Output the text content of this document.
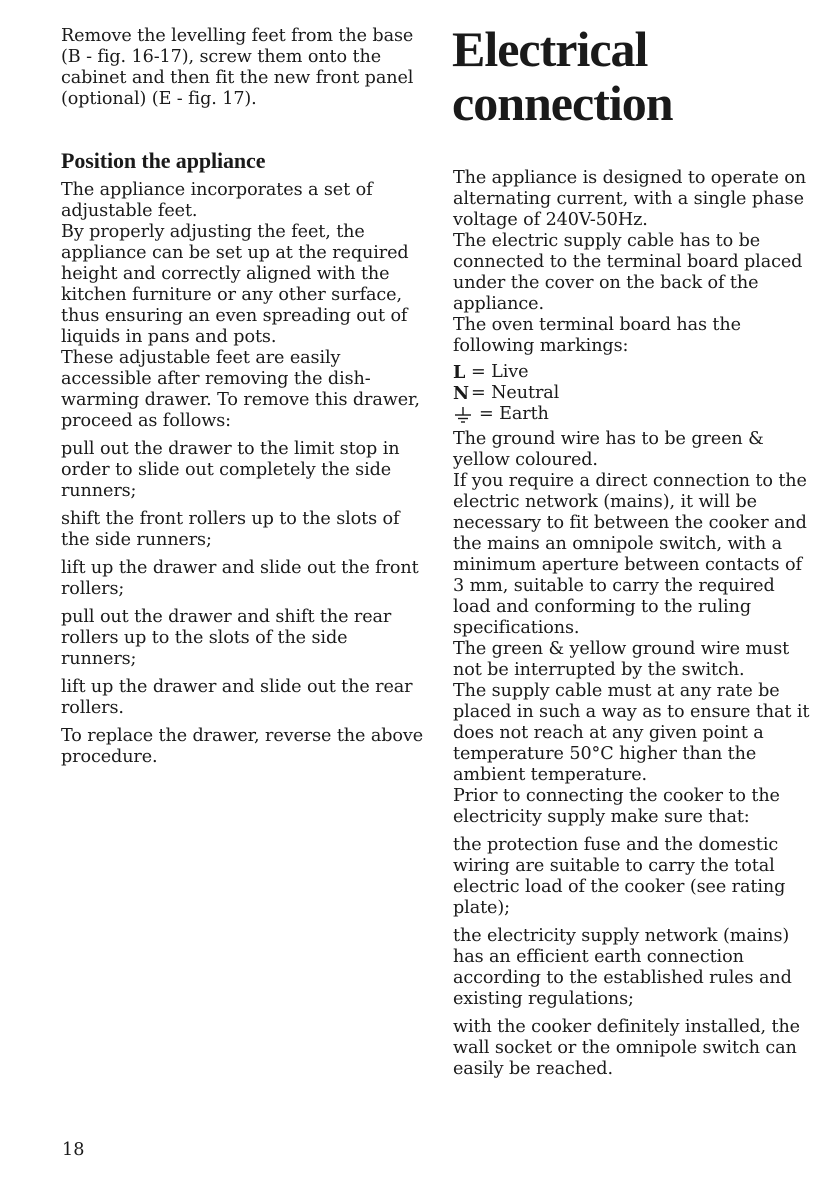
Remove the levelling feet from the base (B - fig. 16-17), screw them onto the cabinet and then fit the new front panel (optional) (E - fig. 17).

Position the appliance

The appliance incorporates a set of adjustable feet.

By properly adjusting the feet, the appliance can be set up at the required height and correctly aligned with the kitchen furniture or any other surface, thus ensuring an even spreading out of liquids in pans and pots.

These adjustable feet are easily accessible after removing the dish-warming drawer. To remove this drawer, proceed as follows:

pull out the drawer to the limit stop in order to slide out completely the side runners;

shift the front rollers up to the slots of the side runners;

lift up the drawer and slide out the front rollers;

pull out the drawer and shift the rear rollers up to the slots of the side runners;

lift up the drawer and slide out the rear rollers.

To replace the drawer, reverse the above procedure.

Electrical connection

The appliance is designed to operate on alternating current, with a single phase voltage of 240V-50Hz.

The electric supply cable has to be connected to the terminal board placed under the cover on the back of the appliance.

The oven terminal board has the following markings:

L = Live
N = Neutral
= Earth

The ground wire has to be green & yellow coloured.

If you require a direct connection to the electric network (mains), it will be necessary to fit between the cooker and the mains an omnipole switch, with a minimum aperture between contacts of 3 mm, suitable to carry the required load and conforming to the ruling specifications.

The green & yellow ground wire must not be interrupted by the switch.

The supply cable must at any rate be placed in such a way as to ensure that it does not reach at any given point a temperature 50°C higher than the ambient temperature.

Prior to connecting the cooker to the electricity supply make sure that:

the protection fuse and the domestic wiring are suitable to carry the total electric load of the cooker (see rating plate);

the electricity supply network (mains) has an efficient earth connection according to the established rules and existing regulations;

with the cooker definitely installed, the wall socket or the omnipole switch can easily be reached.

18
